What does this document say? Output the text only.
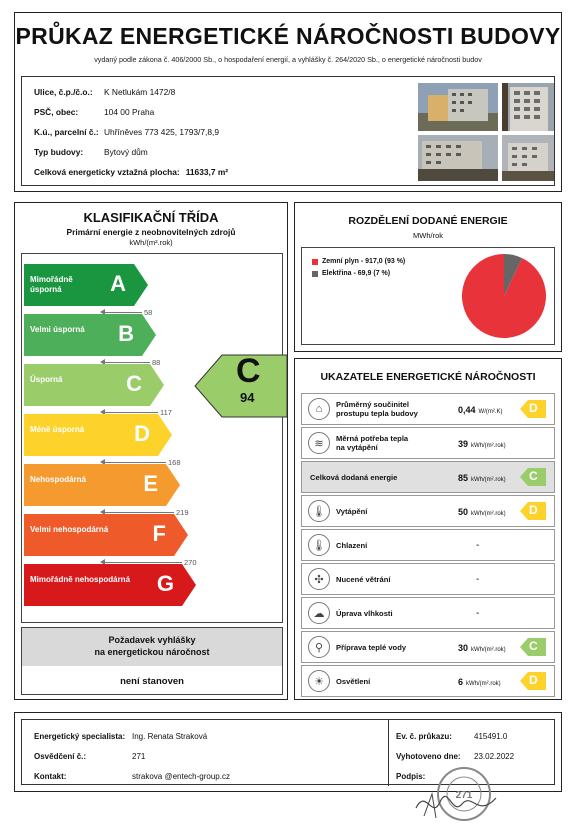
PRŮKAZ ENERGETICKÉ NÁROČNOSTI BUDOVY
vydaný podle zákona č. 406/2000 Sb., o hospodaření energií, a vyhlášky č. 264/2020 Sb., o energetické náročnosti budov
Ulice, č.p./č.o.:	K Netlukám 1472/8
PSČ, obec:	104 00 Praha
K.ú., parcelní č.: Uhříněves 773 425, 1793/7,8,9
Typ budovy:	Bytový dům
Celková energeticky vztažná plocha: 11633,7 m²
KLASIFIKAČNÍ TŘÍDA
Primární energie z neobnovitelných zdrojů
kWh/(m².rok)
C
94
Mimořádně úsporná	A
58
Velmi úsporná	B
88
Úsporná	C
117
Méně úsporná	D
168
Nehospodárná	E
219
Velmi nehospodárná	F
270
Mimořádně nehospodárná	G
Požadavek vyhlášky
na energetickou náročnost
není stanoven
ROZDĚLENÍ DODANÉ ENERGIE
MWh/rok
Zemní plyn - 917,0 (93 %)
Elektřina - 69,9 (7 %)
UKAZATELE ENERGETICKÉ NÁROČNOSTI
⌂	Průměrný součinitel
prostupu tepla budovy	0,44 W/(m².K) D
≋	Měrná potřeba tepla
na vytápění	39 kWh/(m².rok)
Celková dodaná energie	85 kWh/(m².rok) C
🌡	Vytápění	50 kWh/(m².rok) D
🌡	Chlazení	-
✣	Nucené větrání	-
☁	Úprava vlhkosti	-
⚲	Příprava teplé vody	30 kWh/(m².rok) C
☀	Osvětlení	6 kWh/(m².rok) D
Energetický specialista: Ing. Renata Straková
Osvědčení č.:	271
Kontakt:	strakova @entech-group.cz
Ev. č. průkazu:	415491.0
Vyhotoveno dne: 23.02.2022
Podpis:
271
